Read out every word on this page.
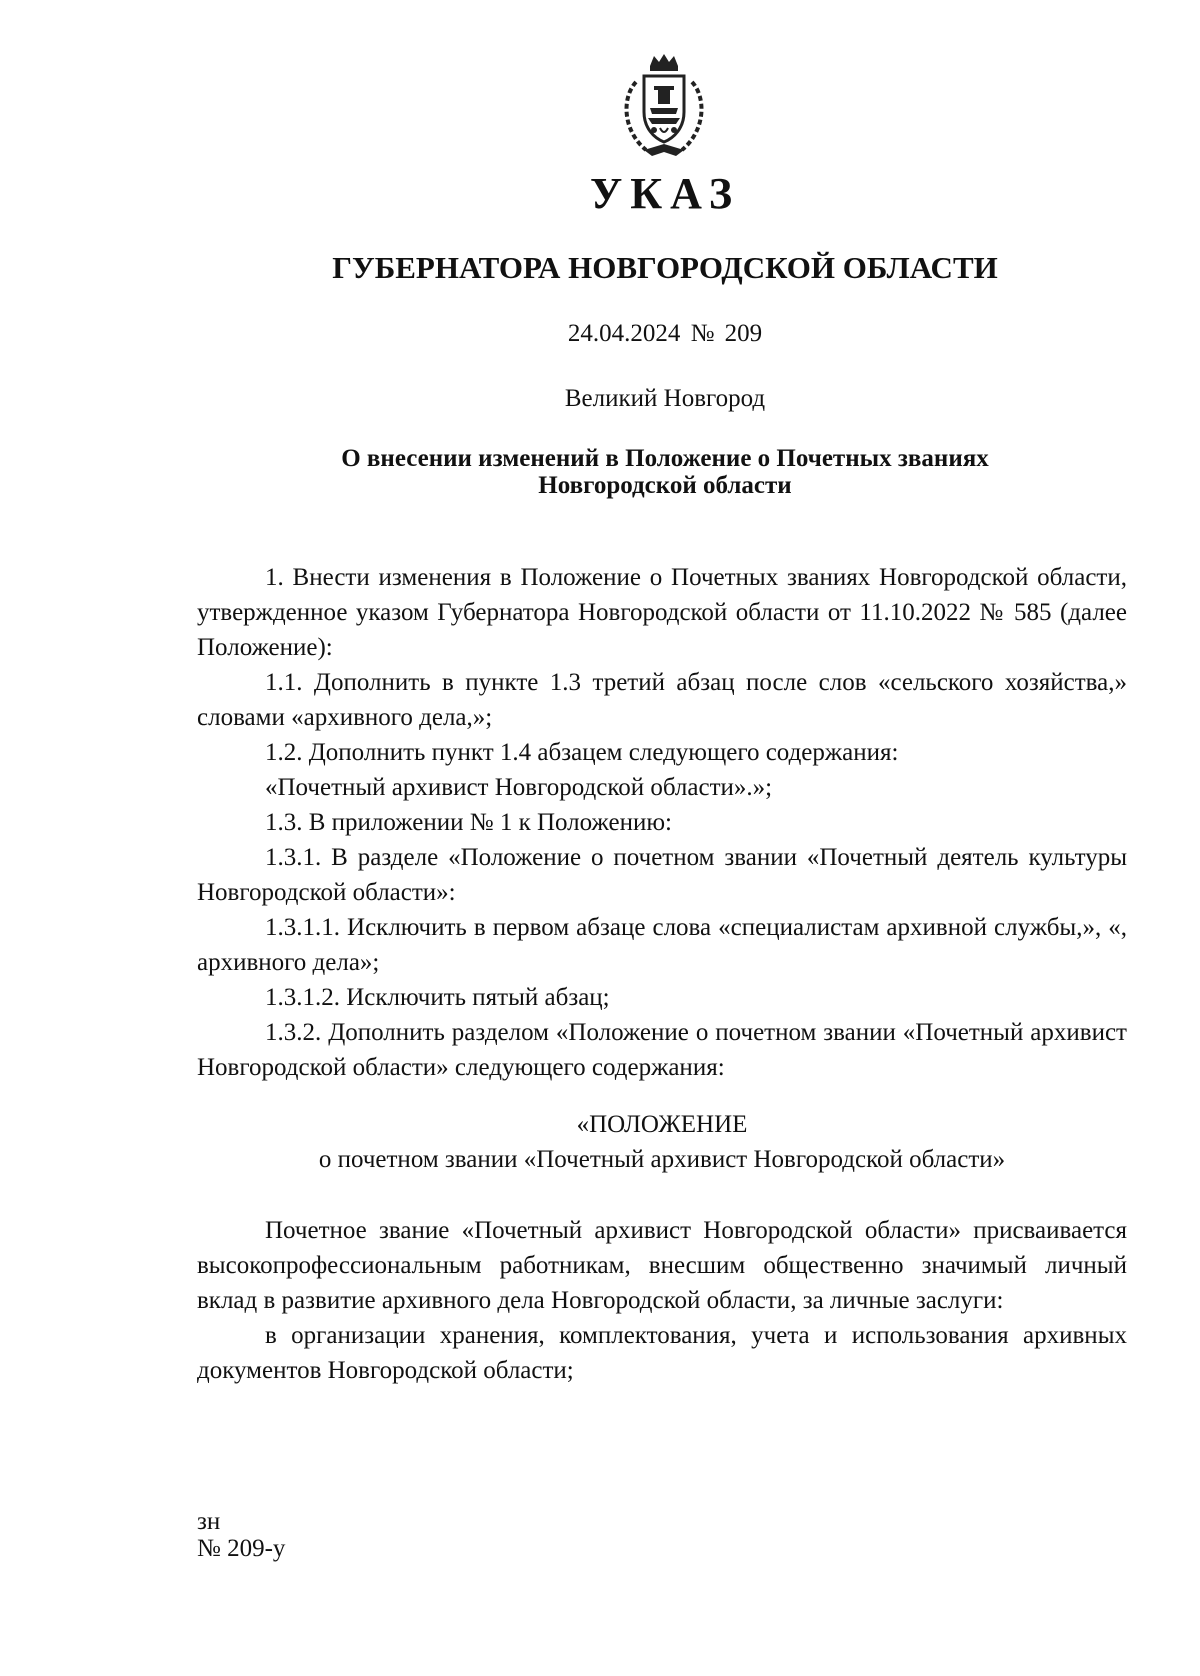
УКАЗ
ГУБЕРНАТОРА НОВГОРОДСКОЙ ОБЛАСТИ
24.04.2024 № 209
Великий Новгород
О внесении изменений в Положение о Почетных званиях
Новгородской области

1. Внести изменения в Положение о Почетных званиях Новгородской области, утвержденное указом Губернатора Новгородской области от 11.10.2022 № 585 (далее Положение):

1.1. Дополнить в пункте 1.3 третий абзац после слов «сельского хозяйства,» словами «архивного дела,»;

1.2. Дополнить пункт 1.4 абзацем следующего содержания:

«Почетный архивист Новгородской области».»;

1.3. В приложении № 1 к Положению:

1.3.1. В разделе «Положение о почетном звании «Почетный деятель культуры Новгородской области»:

1.3.1.1. Исключить в первом абзаце слова «специалистам архивной службы,», «, архивного дела»;

1.3.1.2. Исключить пятый абзац;

1.3.2. Дополнить разделом «Положение о почетном звании «Почетный архивист Новгородской области» следующего содержания:

«ПОЛОЖЕНИЕ

о почетном звании «Почетный архивист Новгородской области»

Почетное звание «Почетный архивист Новгородской области» присваивается высокопрофессиональным работникам, внесшим общественно значимый личный вклад в развитие архивного дела Новгородской области, за личные заслуги:

в организации хранения, комплектования, учета и использования архивных документов Новгородской области;

зн
№ 209-у
